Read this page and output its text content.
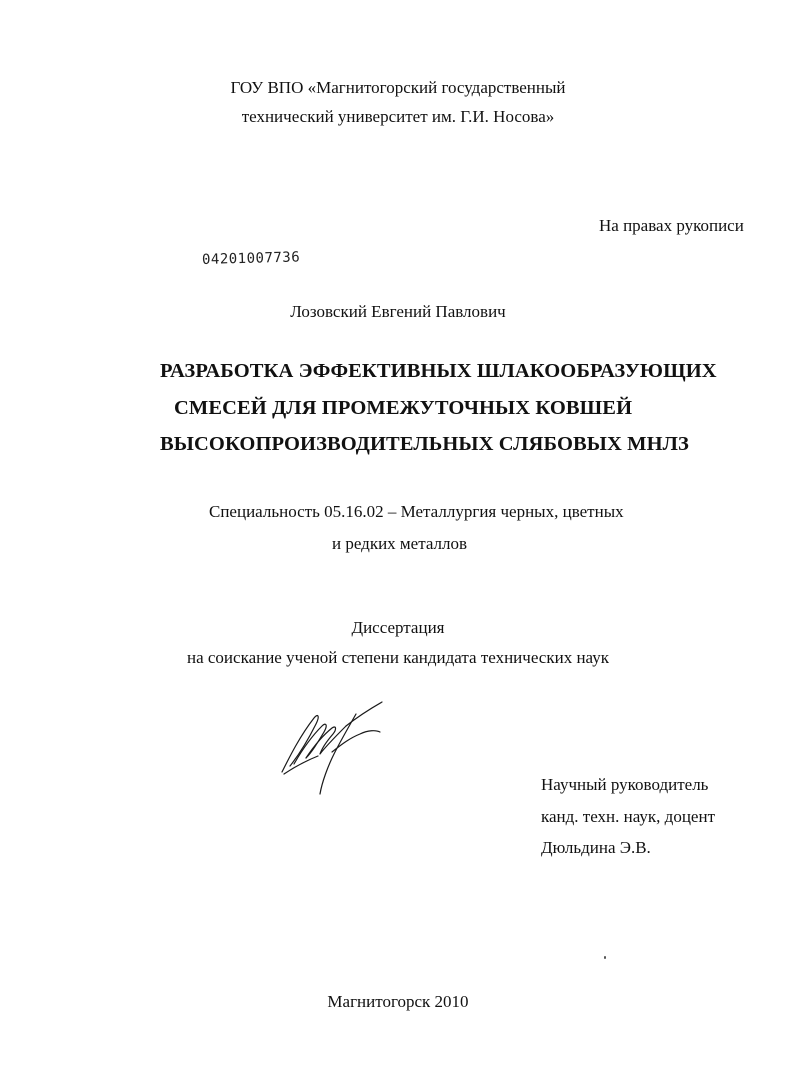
ГОУ ВПО «Магнитогорский государственный
технический университет им. Г.И. Носова»
На правах рукописи
04201007736
Лозовский Евгений Павлович
РАЗРАБОТКА ЭФФЕКТИВНЫХ ШЛАКООБРАЗУЮЩИХ
СМЕСЕЙ ДЛЯ ПРОМЕЖУТОЧНЫХ КОВШЕЙ
ВЫСОКОПРОИЗВОДИТЕЛЬНЫХ СЛЯБОВЫХ МНЛЗ
Специальность 05.16.02 – Металлургия черных, цветных
и редких металлов
Диссертация
на соискание ученой степени кандидата технических наук
Научный руководитель
канд. техн. наук, доцент
Дюльдина Э.В.
Магнитогорск 2010
